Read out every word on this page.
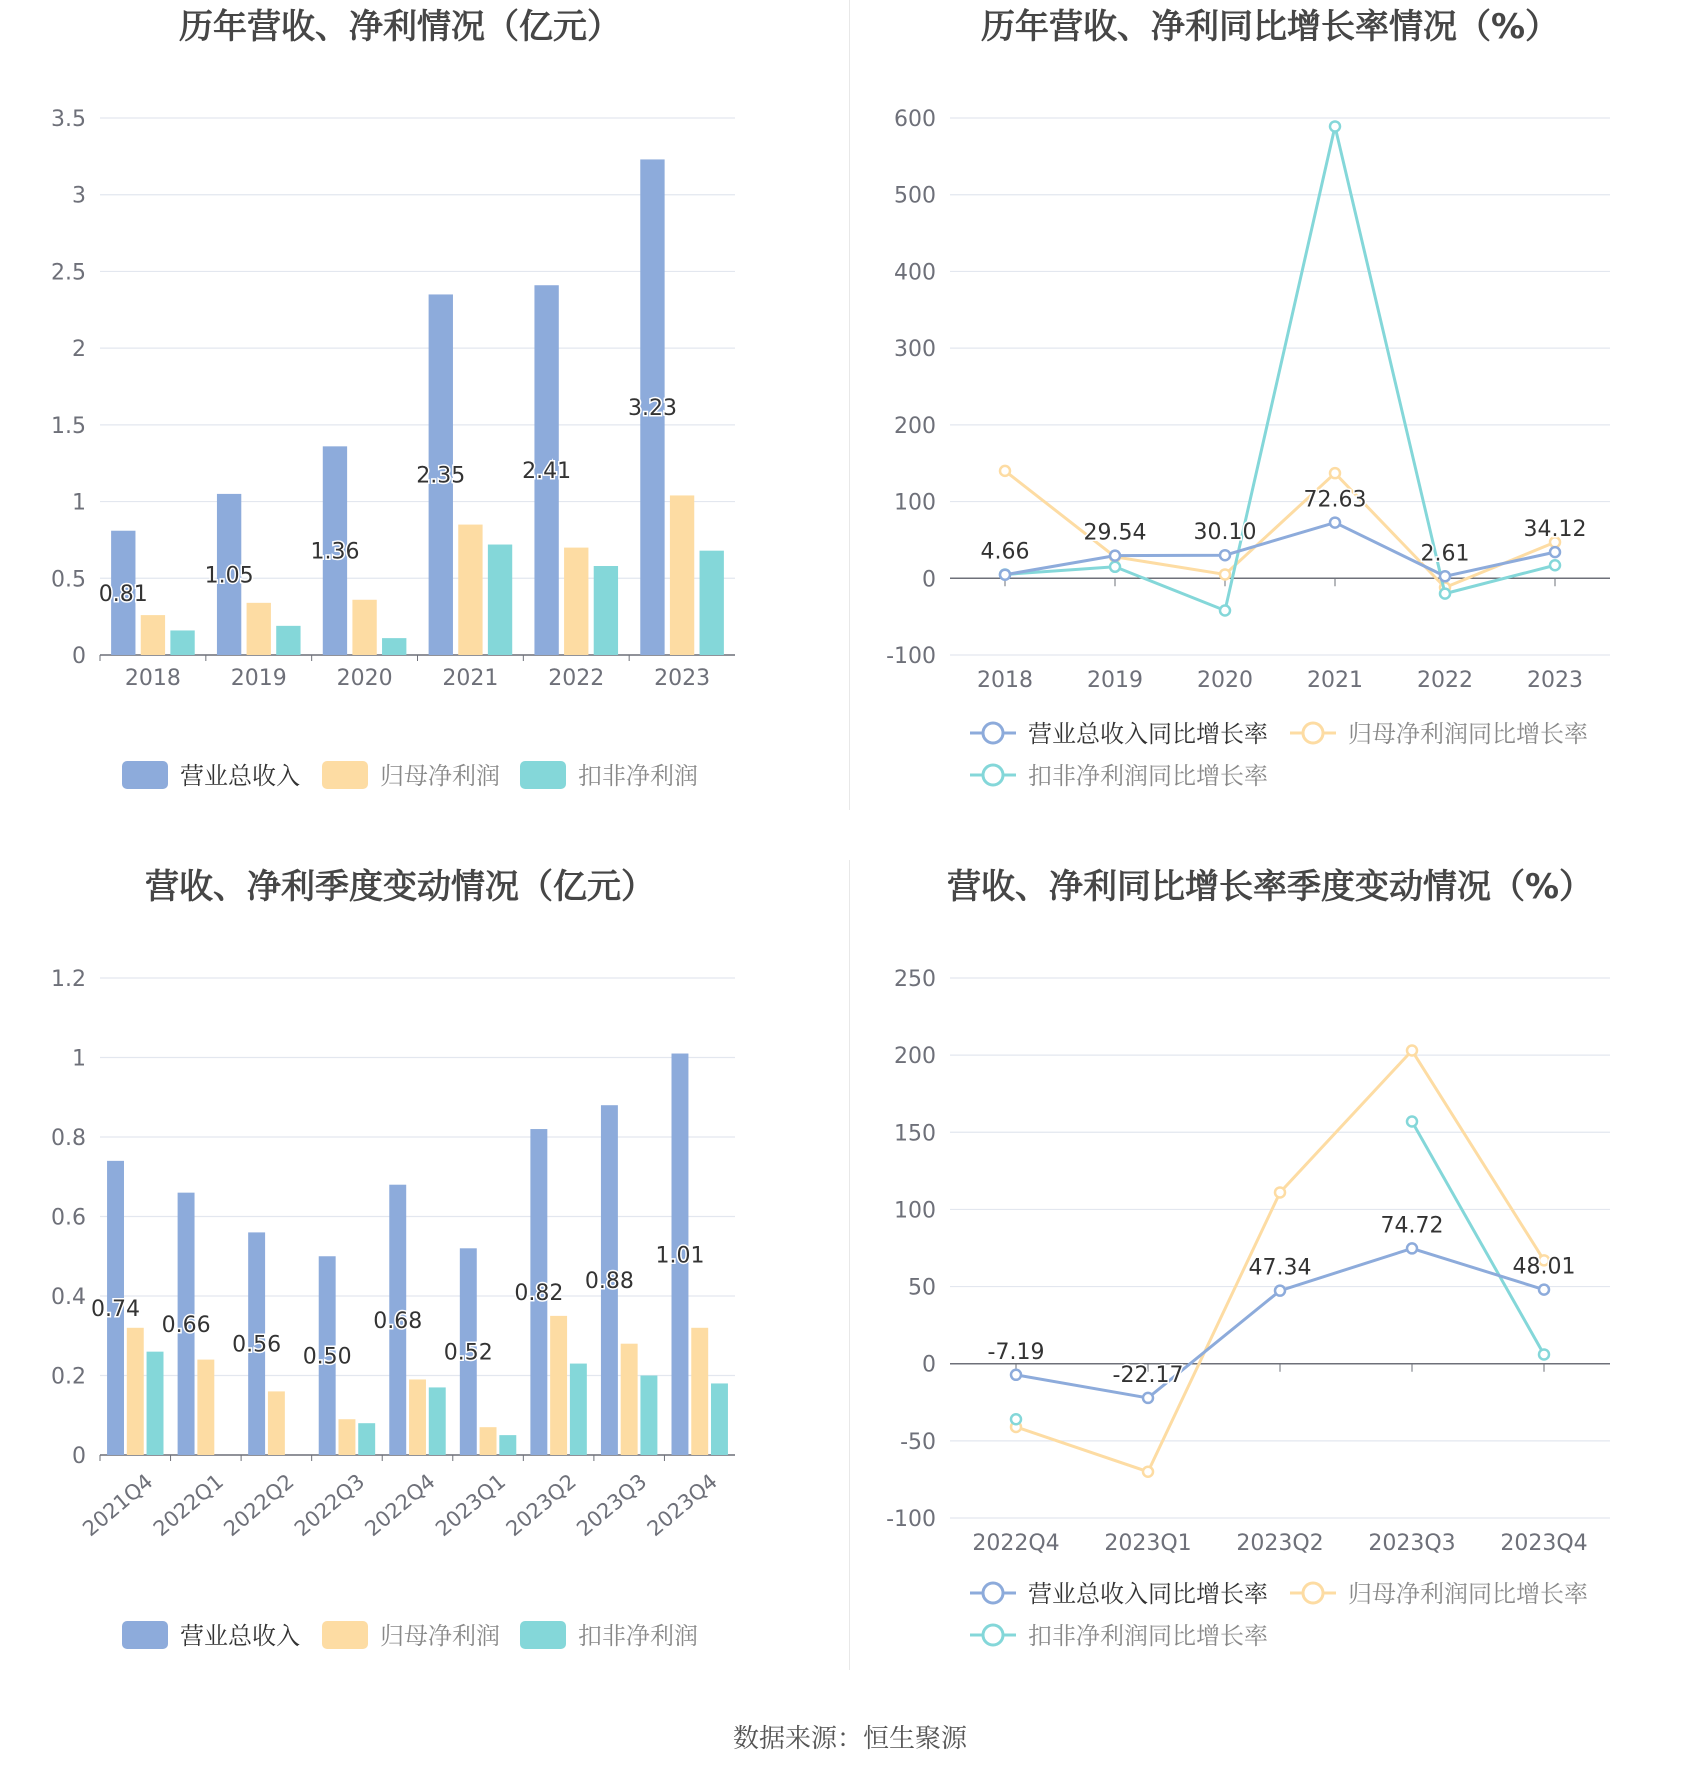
历年营收、净利情况（亿元）
0
0.5
1
1.5
2
2.5
3
3.5
2018 2019 2020 2021 2022 2023
0.81
1.05
1.36
2.35	2.41
3.23
营业总收入	归母净利润	扣非净利润
历年营收、净利同比增长率情况（%）
-100
0
100
200
300
400
500
600
2018 2019 2020 2021 2022 2023
4.66
29.54 30.10
72.63
2.61
34.12
营业总收入同比增长率	归母净利润同比增长率
扣非净利润同比增长率
营收、净利季度变动情况（亿元）
0
0.2
0.4
0.6
0.8
1
1.2
2021Q4
2022Q1
2022Q2
2022Q3
2022Q4
2023Q1
2023Q2
2023Q3
2023Q4
0.74
0.66
0.56 0.50
0.68
0.52
0.82 0.88
1.01
营业总收入	归母净利润	扣非净利润
营收、净利同比增长率季度变动情况（%）
-100
-50
0
50
100
150
200
250
2022Q4 2023Q1 2023Q2 2023Q3 2023Q4
-7.19
-22.17
47.34
74.72
48.01
营业总收入同比增长率	归母净利润同比增长率
扣非净利润同比增长率
数据来源：恒生聚源
